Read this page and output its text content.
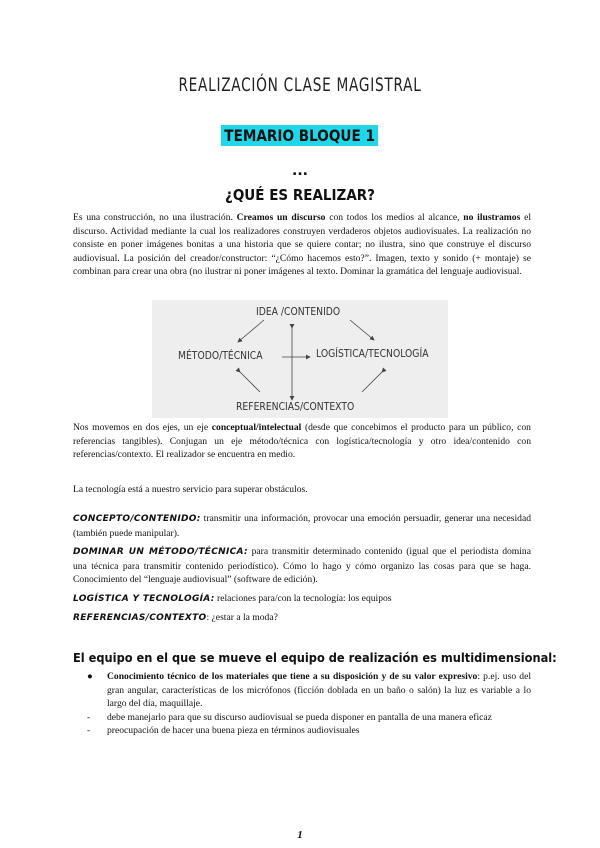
REALIZACIÓN CLASE MAGISTRAL
TEMARIO BLOQUE 1
...
¿QUÉ ES REALIZAR?
Es una construcción, no una ilustración. Creamos un discurso con todos los medios al alcance, no ilustramos el discurso. Actividad mediante la cual los realizadores construyen verdaderos objetos audiovisuales. La realización no consiste en poner imágenes bonitas a una historia que se quiere contar; no ilustra, sino que construye el discurso audiovisual. La posición del creador/constructor: “¿Cómo hacemos esto?”. Imagen, texto y sonido (+ montaje) se combinan para crear una obra (no ilustrar ni poner imágenes al texto. Dominar la gramática del lenguaje audiovisual.
IDEA /CONTENIDO
MÉTODO/TÉCNICA	LOGÍSTICA/TECNOLOGÍA
REFERENCIAS/CONTEXTO
Nos movemos en dos ejes, un eje conceptual/intelectual (desde que concebimos el producto para un público, con referencias tangibles). Conjugan un eje método/técnica con logística/tecnología y otro idea/contenido con referencias/contexto. El realizador se encuentra en medio.
La tecnología está a nuestro servicio para superar obstáculos.
CONCEPTO/CONTENIDO: transmitir una información, provocar una emoción persuadir, generar una necesidad (también puede manipular).
DOMINAR UN MÉTODO/TÉCNICA: para transmitir determinado contenido (igual que el periodista domina una técnica para transmitir contenido periodístico). Cómo lo hago y cómo organizo las cosas para que se haga. Conocimiento del “lenguaje audiovisual” (software de edición).
LOGÍSTICA Y TECNOLOGÍA: relaciones para/con la tecnología: los equipos
REFERENCIAS/CONTEXTO: ¿estar a la moda?
El equipo en el que se mueve el equipo de realización es multidimensional:
● Conocimiento técnico de los materiales que tiene a su disposición y de su valor expresivo: p.ej. uso del gran angular, características de los micrófonos (ficción doblada en un baño o salón) la luz es variable a lo largo del día, maquillaje.
- debe manejarlo para que su discurso audiovisual se pueda disponer en pantalla de una manera eficaz
- preocupación de hacer una buena pieza en términos audiovisuales
1
